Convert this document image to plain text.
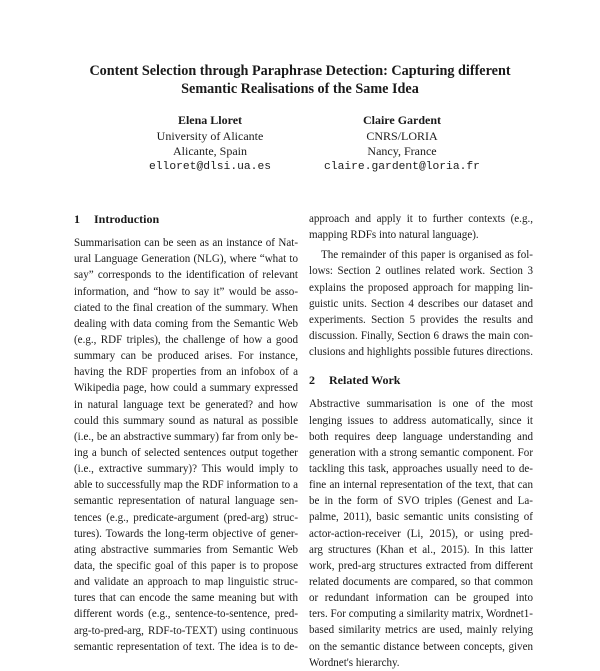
Content Selection through Paraphrase Detection: Capturing different
Semantic Realisations of the Same Idea
Elena Lloret
University of Alicante
Alicante, Spain
elloret@dlsi.ua.es
Claire Gardent
CNRS/LORIA
Nancy, France
claire.gardent@loria.fr
1 Introduction
Summarisation can be seen as an instance of Nat-
ural Language Generation (NLG), where “what to
say” corresponds to the identification of relevant
information, and “how to say it” would be asso-
ciated to the final creation of the summary. When
dealing with data coming from the Semantic Web
(e.g., RDF triples), the challenge of how a good
summary can be produced arises. For instance,
having the RDF properties from an infobox of a
Wikipedia page, how could a summary expressed
in natural language text be generated? and how
could this summary sound as natural as possible
(i.e., be an abstractive summary) far from only be-
ing a bunch of selected sentences output together
(i.e., extractive summary)? This would imply to
able to successfully map the RDF information to a
semantic representation of natural language sen-
tences (e.g., predicate-argument (pred-arg) struc-
tures). Towards the long-term objective of gener-
ating abstractive summaries from Semantic Web
data, the specific goal of this paper is to propose
and validate an approach to map linguistic struc-
tures that can encode the same meaning but with
different words (e.g., sentence-to-sentence, pred-
arg-to-pred-arg, RDF-to-TEXT) using continuous
semantic representation of text. The idea is to de-
approach and apply it to further contexts (e.g.,
mapping RDFs into natural language).
The remainder of this paper is organised as fol-
lows: Section 2 outlines related work. Section 3
explains the proposed approach for mapping lin-
guistic units. Section 4 describes our dataset and
experiments. Section 5 provides the results and
discussion. Finally, Section 6 draws the main con-
clusions and highlights possible futures directions.
2 Related Work
Abstractive summarisation is one of the most
lenging issues to address automatically, since it
both requires deep language understanding and
generation with a strong semantic component. For
tackling this task, approaches usually need to de-
fine an internal representation of the text, that can
be in the form of SVO triples (Genest and La-
palme, 2011), basic semantic units consisting of
actor-action-receiver (Li, 2015), or using pred-
arg structures (Khan et al., 2015). In this latter
work, pred-arg structures extracted from different
related documents are compared, so that common
or redundant information can be grouped into
ters. For computing a similarity matrix, Wordnet1-
based similarity metrics are used, mainly relying
on the semantic distance between concepts, given
Wordnet's hierarchy.
